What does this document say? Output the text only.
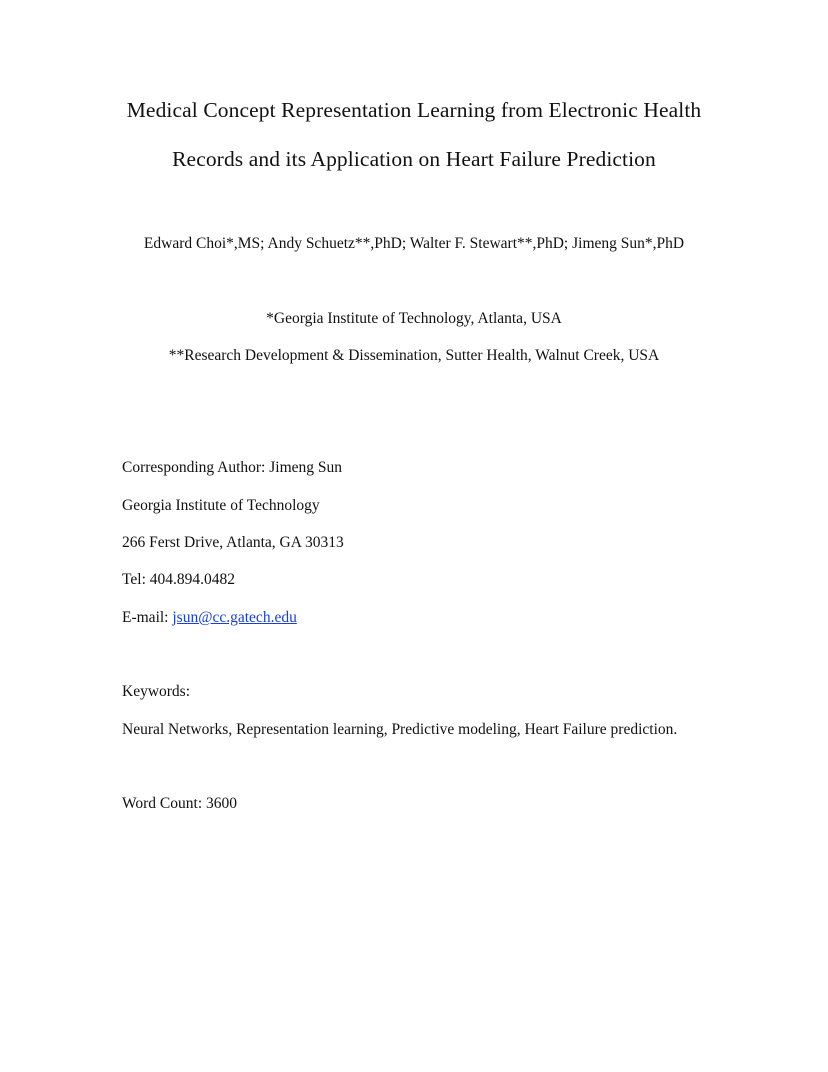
Medical Concept Representation Learning from Electronic Health
Records and its Application on Heart Failure Prediction
Edward Choi*,MS; Andy Schuetz**,PhD; Walter F. Stewart**,PhD; Jimeng Sun*,PhD
*Georgia Institute of Technology, Atlanta, USA
**Research Development & Dissemination, Sutter Health, Walnut Creek, USA
Corresponding Author: Jimeng Sun
Georgia Institute of Technology
266 Ferst Drive, Atlanta, GA 30313
Tel: 404.894.0482
E-mail: jsun@cc.gatech.edu
Keywords:
Neural Networks, Representation learning, Predictive modeling, Heart Failure prediction.
Word Count: 3600
